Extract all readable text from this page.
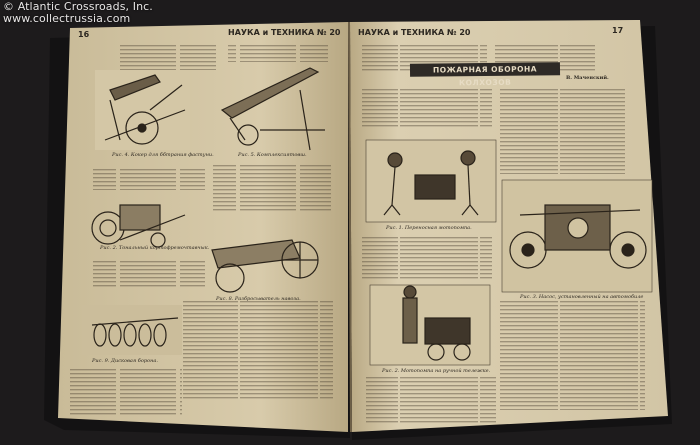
© Atlantic Crossroads, Inc.
www.collectrussia.com
16	НАУКА и ТЕХНИКА № 20 НАУКА и ТЕХНИКА № 20	17
ПОЖАРНАЯ ОБОРОНА КОЛХОЗОВ	В. Маченский.
Рис. 4. Кокер для ббтрания фастуни.	Рис. 5. Комплексиятовш.
Рис. 2. Тональный кортофремочтавчык.
Рис. 8. Разбросыватель навоза.
Рис. 9. Дисковая борона.
Рис. 1. Переносная мотопомпа.
Рис. 3. Насос, установленный на автомобиле
Рис. 2. Мотопомпа на ручной тележке.
